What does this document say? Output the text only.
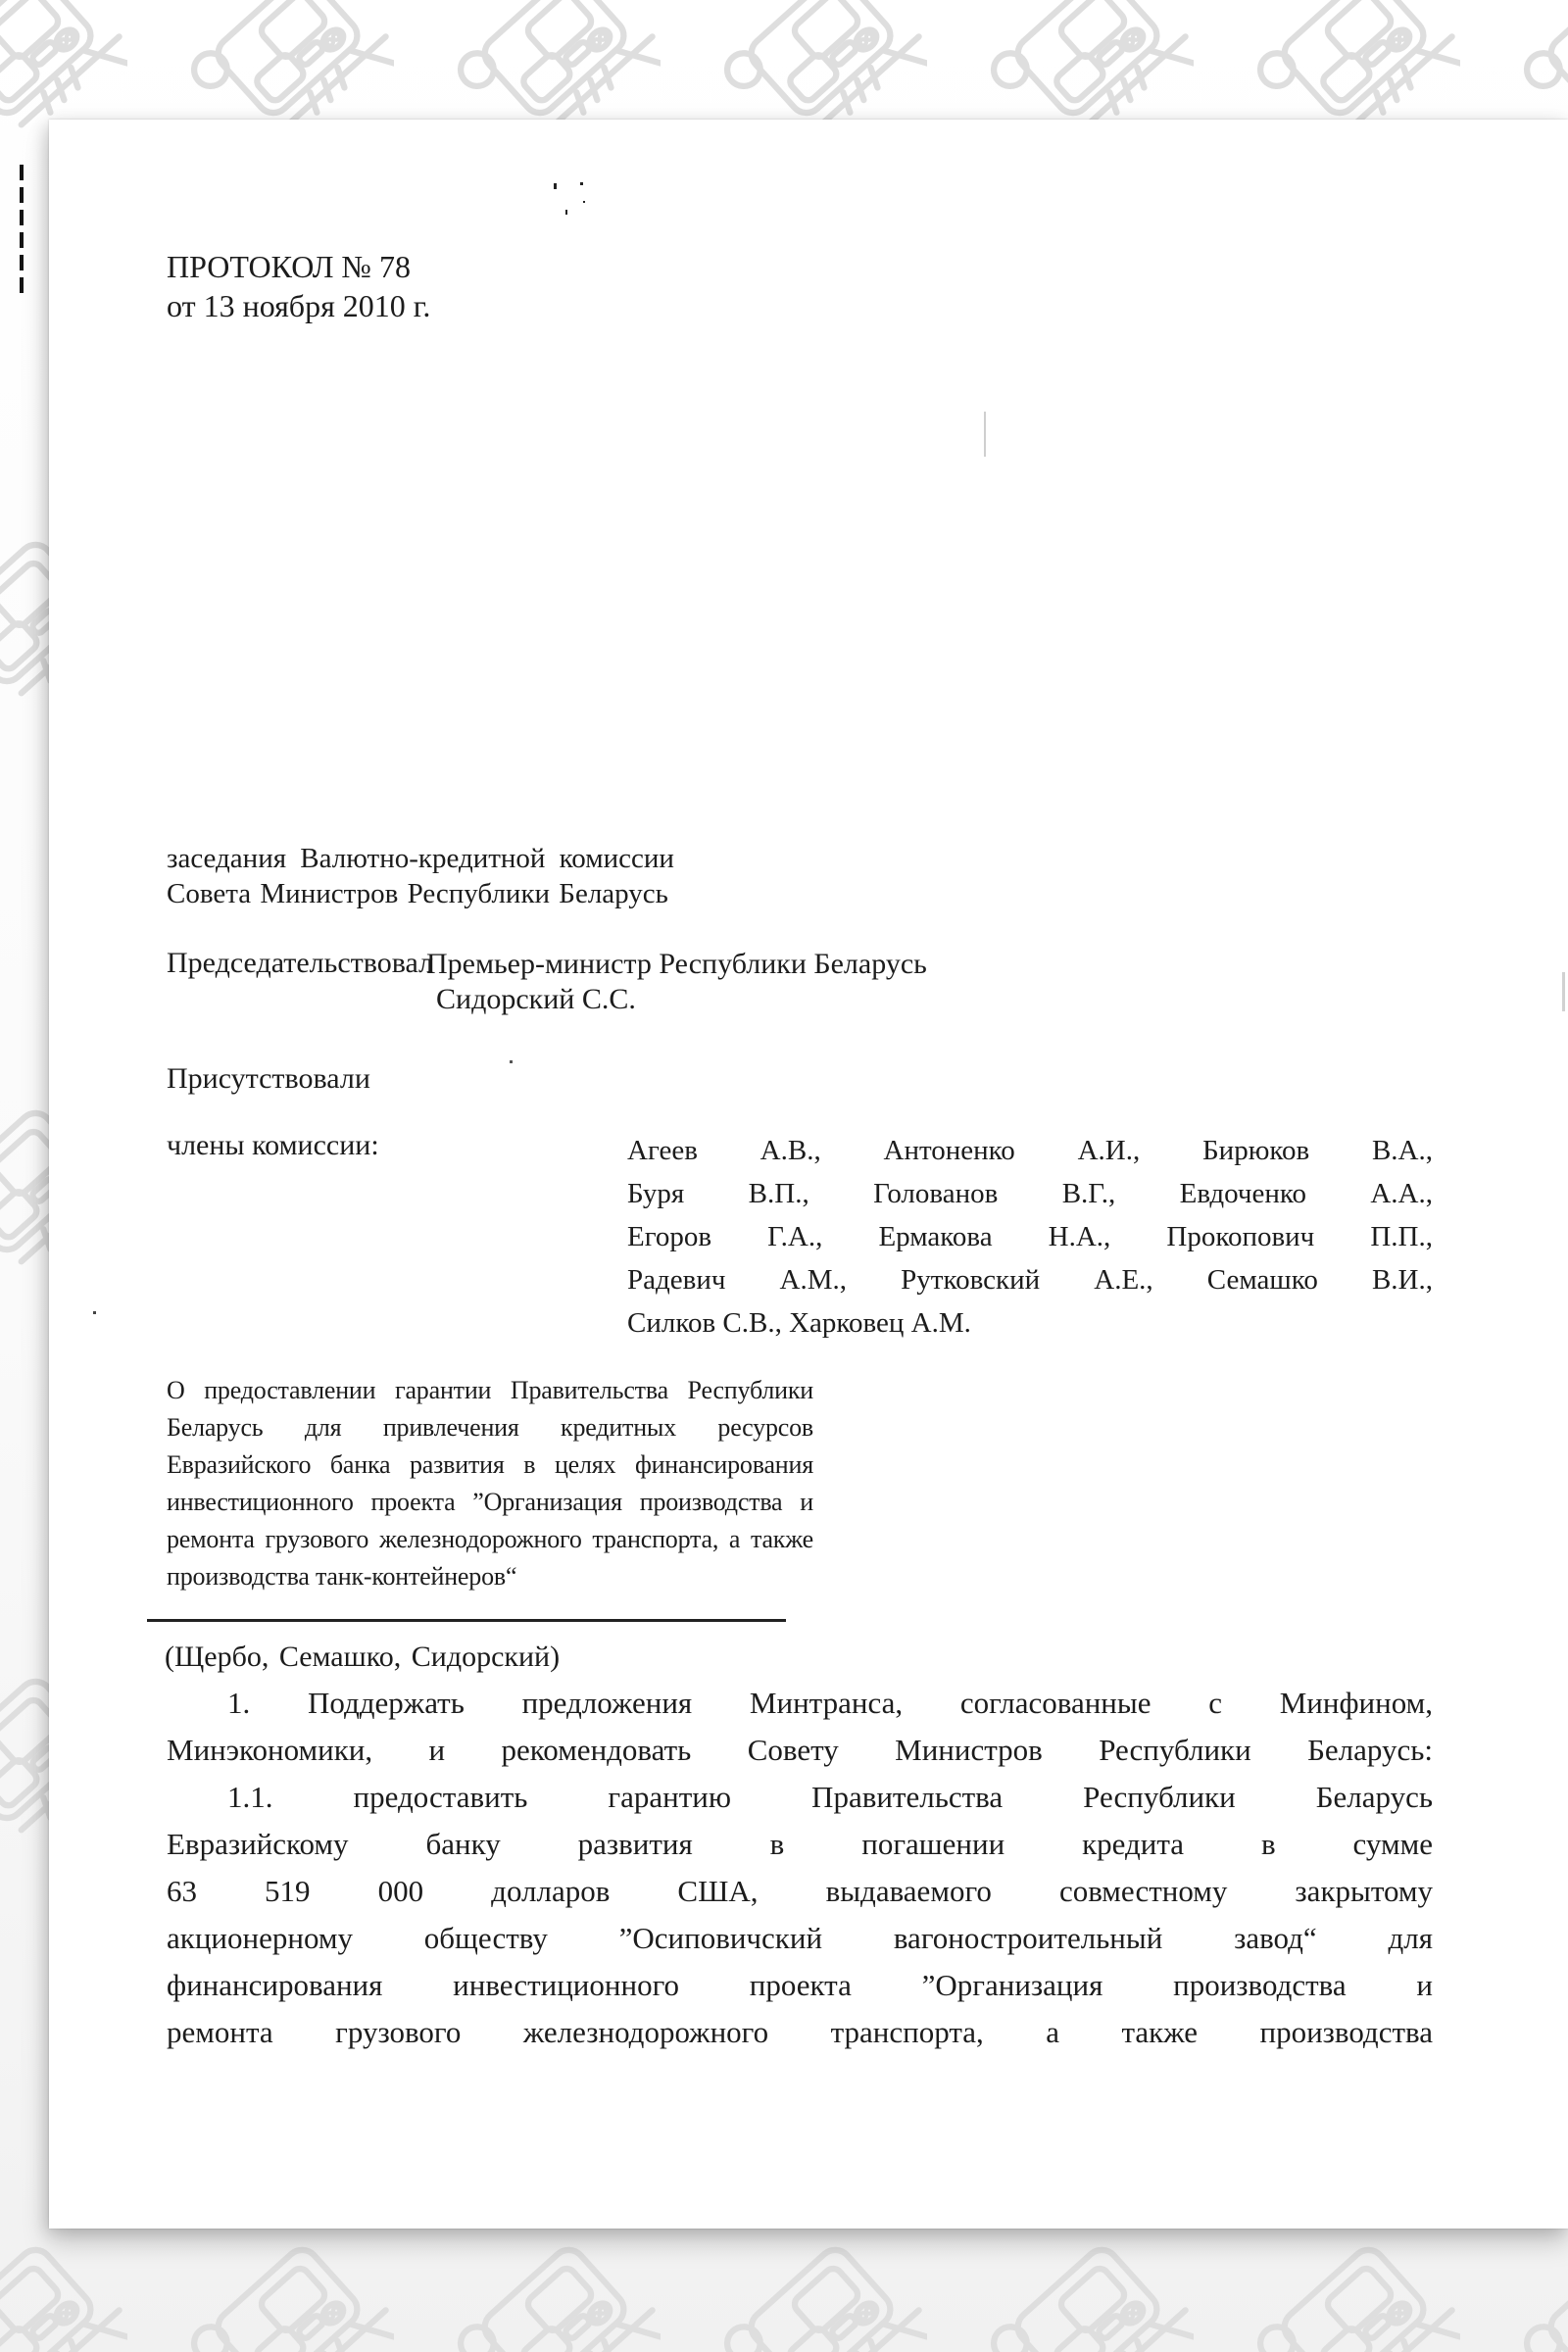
ПРОТОКОЛ № 78
от 13 ноября 2010 г.
заседания Валютно-кредитной комиссии
Совета Министров Республики Беларусь
Председательствовал
Премьер-министр Республики Беларусь
Сидорский С.С.
Присутствовали
члены комиссии:	Агеев А.В., Антоненко А.И., Бирюков В.А.,
Буря В.П., Голованов В.Г., Евдоченко А.А.,
Егоров Г.А., Ермакова Н.А., Прокопович П.П.,
Радевич А.М., Рутковский А.Е., Семашко В.И.,
Силков С.В., Харковец А.М.
О предоставлении гарантии Правительства Республики
Беларусь для привлечения кредитных ресурсов
Евразийского банка развития в целях финансирования
инвестиционного проекта ”Организация производства и
ремонта грузового железнодорожного транспорта, а также
производства танк-контейнеров“
(Щербо, Семашко, Сидорский)
1. Поддержать предложения Минтранса, согласованные с Минфином,
Минэкономики, и рекомендовать Совету Министров Республики Беларусь:
1.1. предоставить гарантию Правительства Республики Беларусь
Евразийскому банку развития в погашении кредита в сумме
63 519 000 долларов США, выдаваемого совместному закрытому
акционерному обществу ”Осиповичский вагоностроительный завод“ для
финансирования инвестиционного проекта ”Организация производства и
ремонта грузового железнодорожного транспорта, а также производства
